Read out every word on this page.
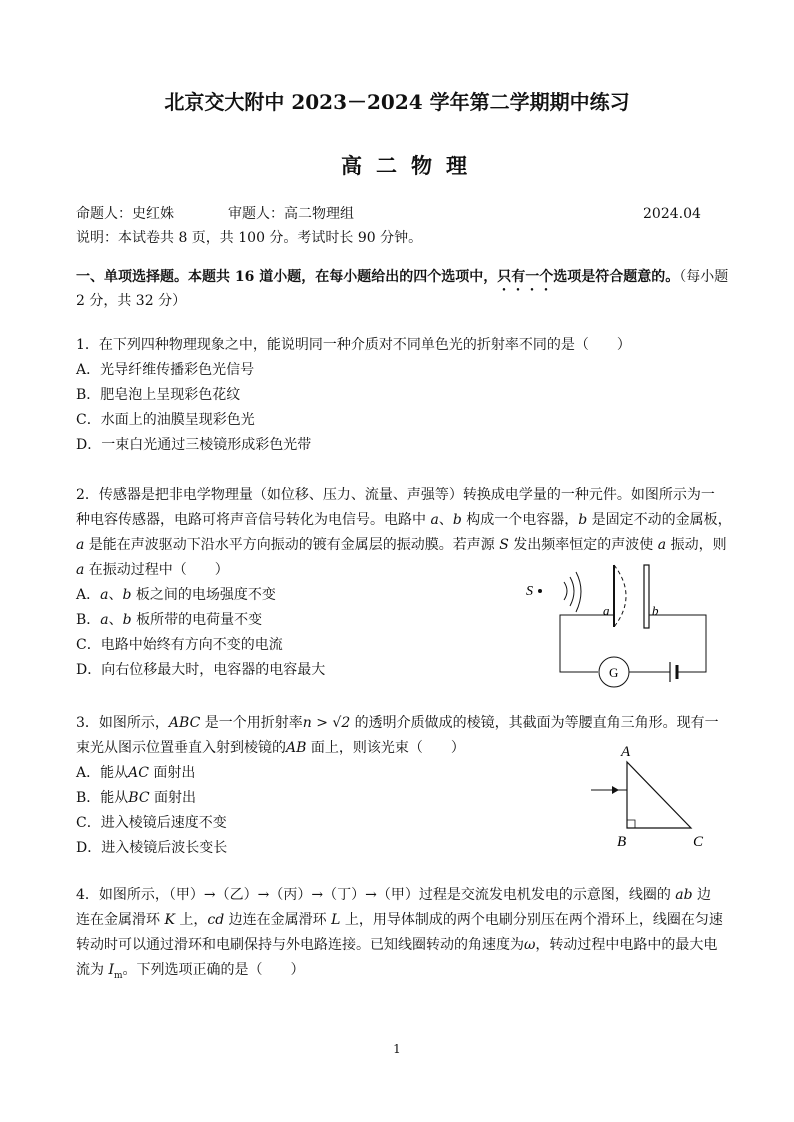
北京交大附中 2023－2024 学年第二学期期中练习
高二物理
命题人：史红姝	审题人：高二物理组	2024.04
说明：本试卷共 8 页，共 100 分。考试时长 90 分钟。
一、单项选择题。本题共 16 道小题，在每小题给出的四个选项中，只有一个选项是符合题意的。（每小题
2 分，共 32 分）
1．在下列四种物理现象之中，能说明同一种介质对不同单色光的折射率不同的是（　　）
A．光导纤维传播彩色光信号
B．肥皂泡上呈现彩色花纹
C．水面上的油膜呈现彩色光
D．一束白光通过三棱镜形成彩色光带
2．传感器是把非电学物理量（如位移、压力、流量、声强等）转换成电学量的一种元件。如图所示为一
种电容传感器，电路可将声音信号转化为电信号。电路中 a、b 构成一个电容器，b 是固定不动的金属板，
a 是能在声波驱动下沿水平方向振动的镀有金属层的振动膜。若声源 S 发出频率恒定的声波使 a 振动，则
a 在振动过程中（　　）
A．a、b 板之间的电场强度不变
B．a、b 板所带的电荷量不变
C．电路中始终有方向不变的电流
D．向右位移最大时，电容器的电容最大
S
a	b
G
3．如图所示，ABC 是一个用折射率n > √2 的透明介质做成的棱镜，其截面为等腰直角三角形。现有一
束光从图示位置垂直入射到棱镜的AB 面上，则该光束（　　）
A．能从AC 面射出
B．能从BC 面射出
C．进入棱镜后速度不变
D．进入棱镜后波长变长
A
B	C
4．如图所示，（甲）→（乙）→（丙）→（丁）→（甲）过程是交流发电机发电的示意图，线圈的 ab 边
连在金属滑环 K 上，cd 边连在金属滑环 L 上，用导体制成的两个电刷分别压在两个滑环上，线圈在匀速
转动时可以通过滑环和电刷保持与外电路连接。已知线圈转动的角速度为ω，转动过程中电路中的最大电
流为 $I_m$。下列选项正确的是（　　）
1
